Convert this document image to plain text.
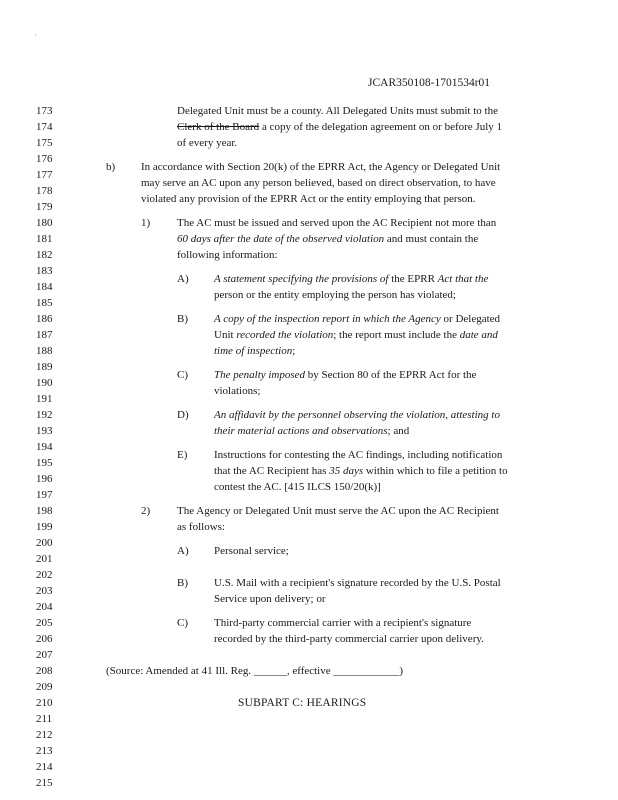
'
JCAR350108-1701534r01
173
174
175
176
177
178
179
180
181
182
183
184
185
186
187
188
189
190
191
192
193
194
195
196
197
198
199
200
201
202
203
204
205
206
207
208
209
210
211
212
213
214
215
Delegated Unit must be a county. All Delegated Units must submit to the
Clerk of the Board a copy of the delegation agreement on or before July 1
of every year.
b) In accordance with Section 20(k) of the EPRR Act, the Agency or Delegated Unit
may serve an AC upon any person believed, based on direct observation, to have
violated any provision of the EPRR Act or the entity employing that person.
1) The AC must be issued and served upon the AC Recipient not more than
60 days after the date of the observed violation and must contain the
following information:
A) A statement specifying the provisions of the EPRR Act that the
person or the entity employing the person has violated;
B) A copy of the inspection report in which the Agency or Delegated
Unit recorded the violation; the report must include the date and
time of inspection;
C) The penalty imposed by Section 80 of the EPRR Act for the
violations;
D) An affidavit by the personnel observing the violation, attesting to
their material actions and observations; and
E) Instructions for contesting the AC findings, including notification
that the AC Recipient has 35 days within which to file a petition to
contest the AC. [415 ILCS 150/20(k)]
2) The Agency or Delegated Unit must serve the AC upon the AC Recipient
as follows:
A) Personal service;
B) U.S. Mail with a recipient's signature recorded by the U.S. Postal
Service upon delivery; or
C) Third-party commercial carrier with a recipient's signature
recorded by the third-party commercial carrier upon delivery.
(Source: Amended at 41 Ill. Reg. ______, effective ____________)
SUBPART C: HEARINGS
